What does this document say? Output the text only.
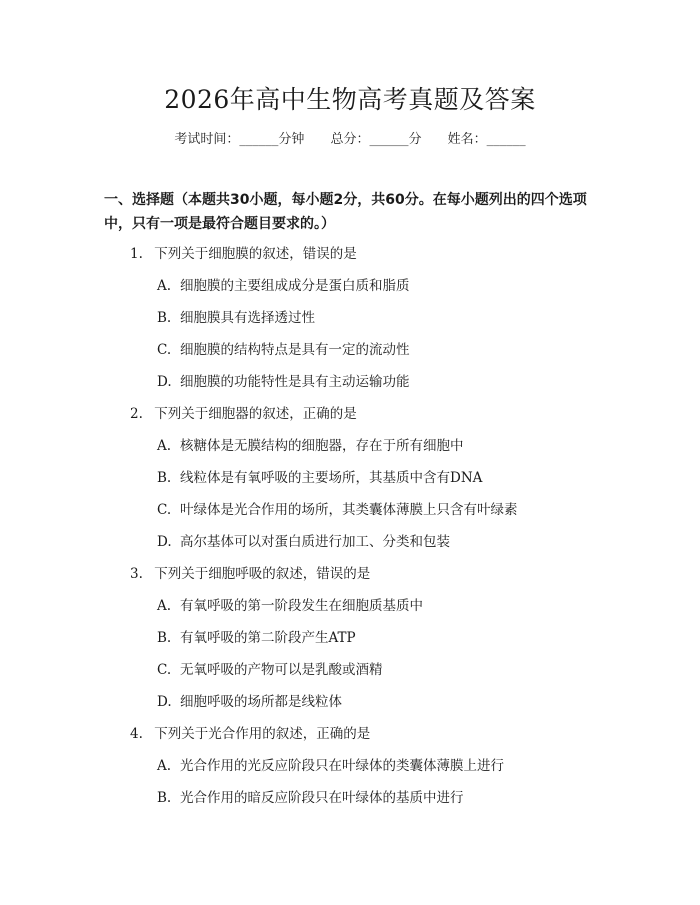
2026年高中生物高考真题及答案
考试时间：______分钟 总分：______分 姓名：______
一、选择题（本题共30小题，每小题2分，共60分。在每小题列出的四个选项中，只有一项是最符合题目要求的。）
1. 下列关于细胞膜的叙述，错误的是
A. 细胞膜的主要组成成分是蛋白质和脂质
B. 细胞膜具有选择透过性
C. 细胞膜的结构特点是具有一定的流动性
D. 细胞膜的功能特性是具有主动运输功能
2. 下列关于细胞器的叙述，正确的是
A. 核糖体是无膜结构的细胞器，存在于所有细胞中
B. 线粒体是有氧呼吸的主要场所，其基质中含有DNA
C. 叶绿体是光合作用的场所，其类囊体薄膜上只含有叶绿素
D. 高尔基体可以对蛋白质进行加工、分类和包装
3. 下列关于细胞呼吸的叙述，错误的是
A. 有氧呼吸的第一阶段发生在细胞质基质中
B. 有氧呼吸的第二阶段产生ATP
C. 无氧呼吸的产物可以是乳酸或酒精
D. 细胞呼吸的场所都是线粒体
4. 下列关于光合作用的叙述，正确的是
A. 光合作用的光反应阶段只在叶绿体的类囊体薄膜上进行
B. 光合作用的暗反应阶段只在叶绿体的基质中进行
